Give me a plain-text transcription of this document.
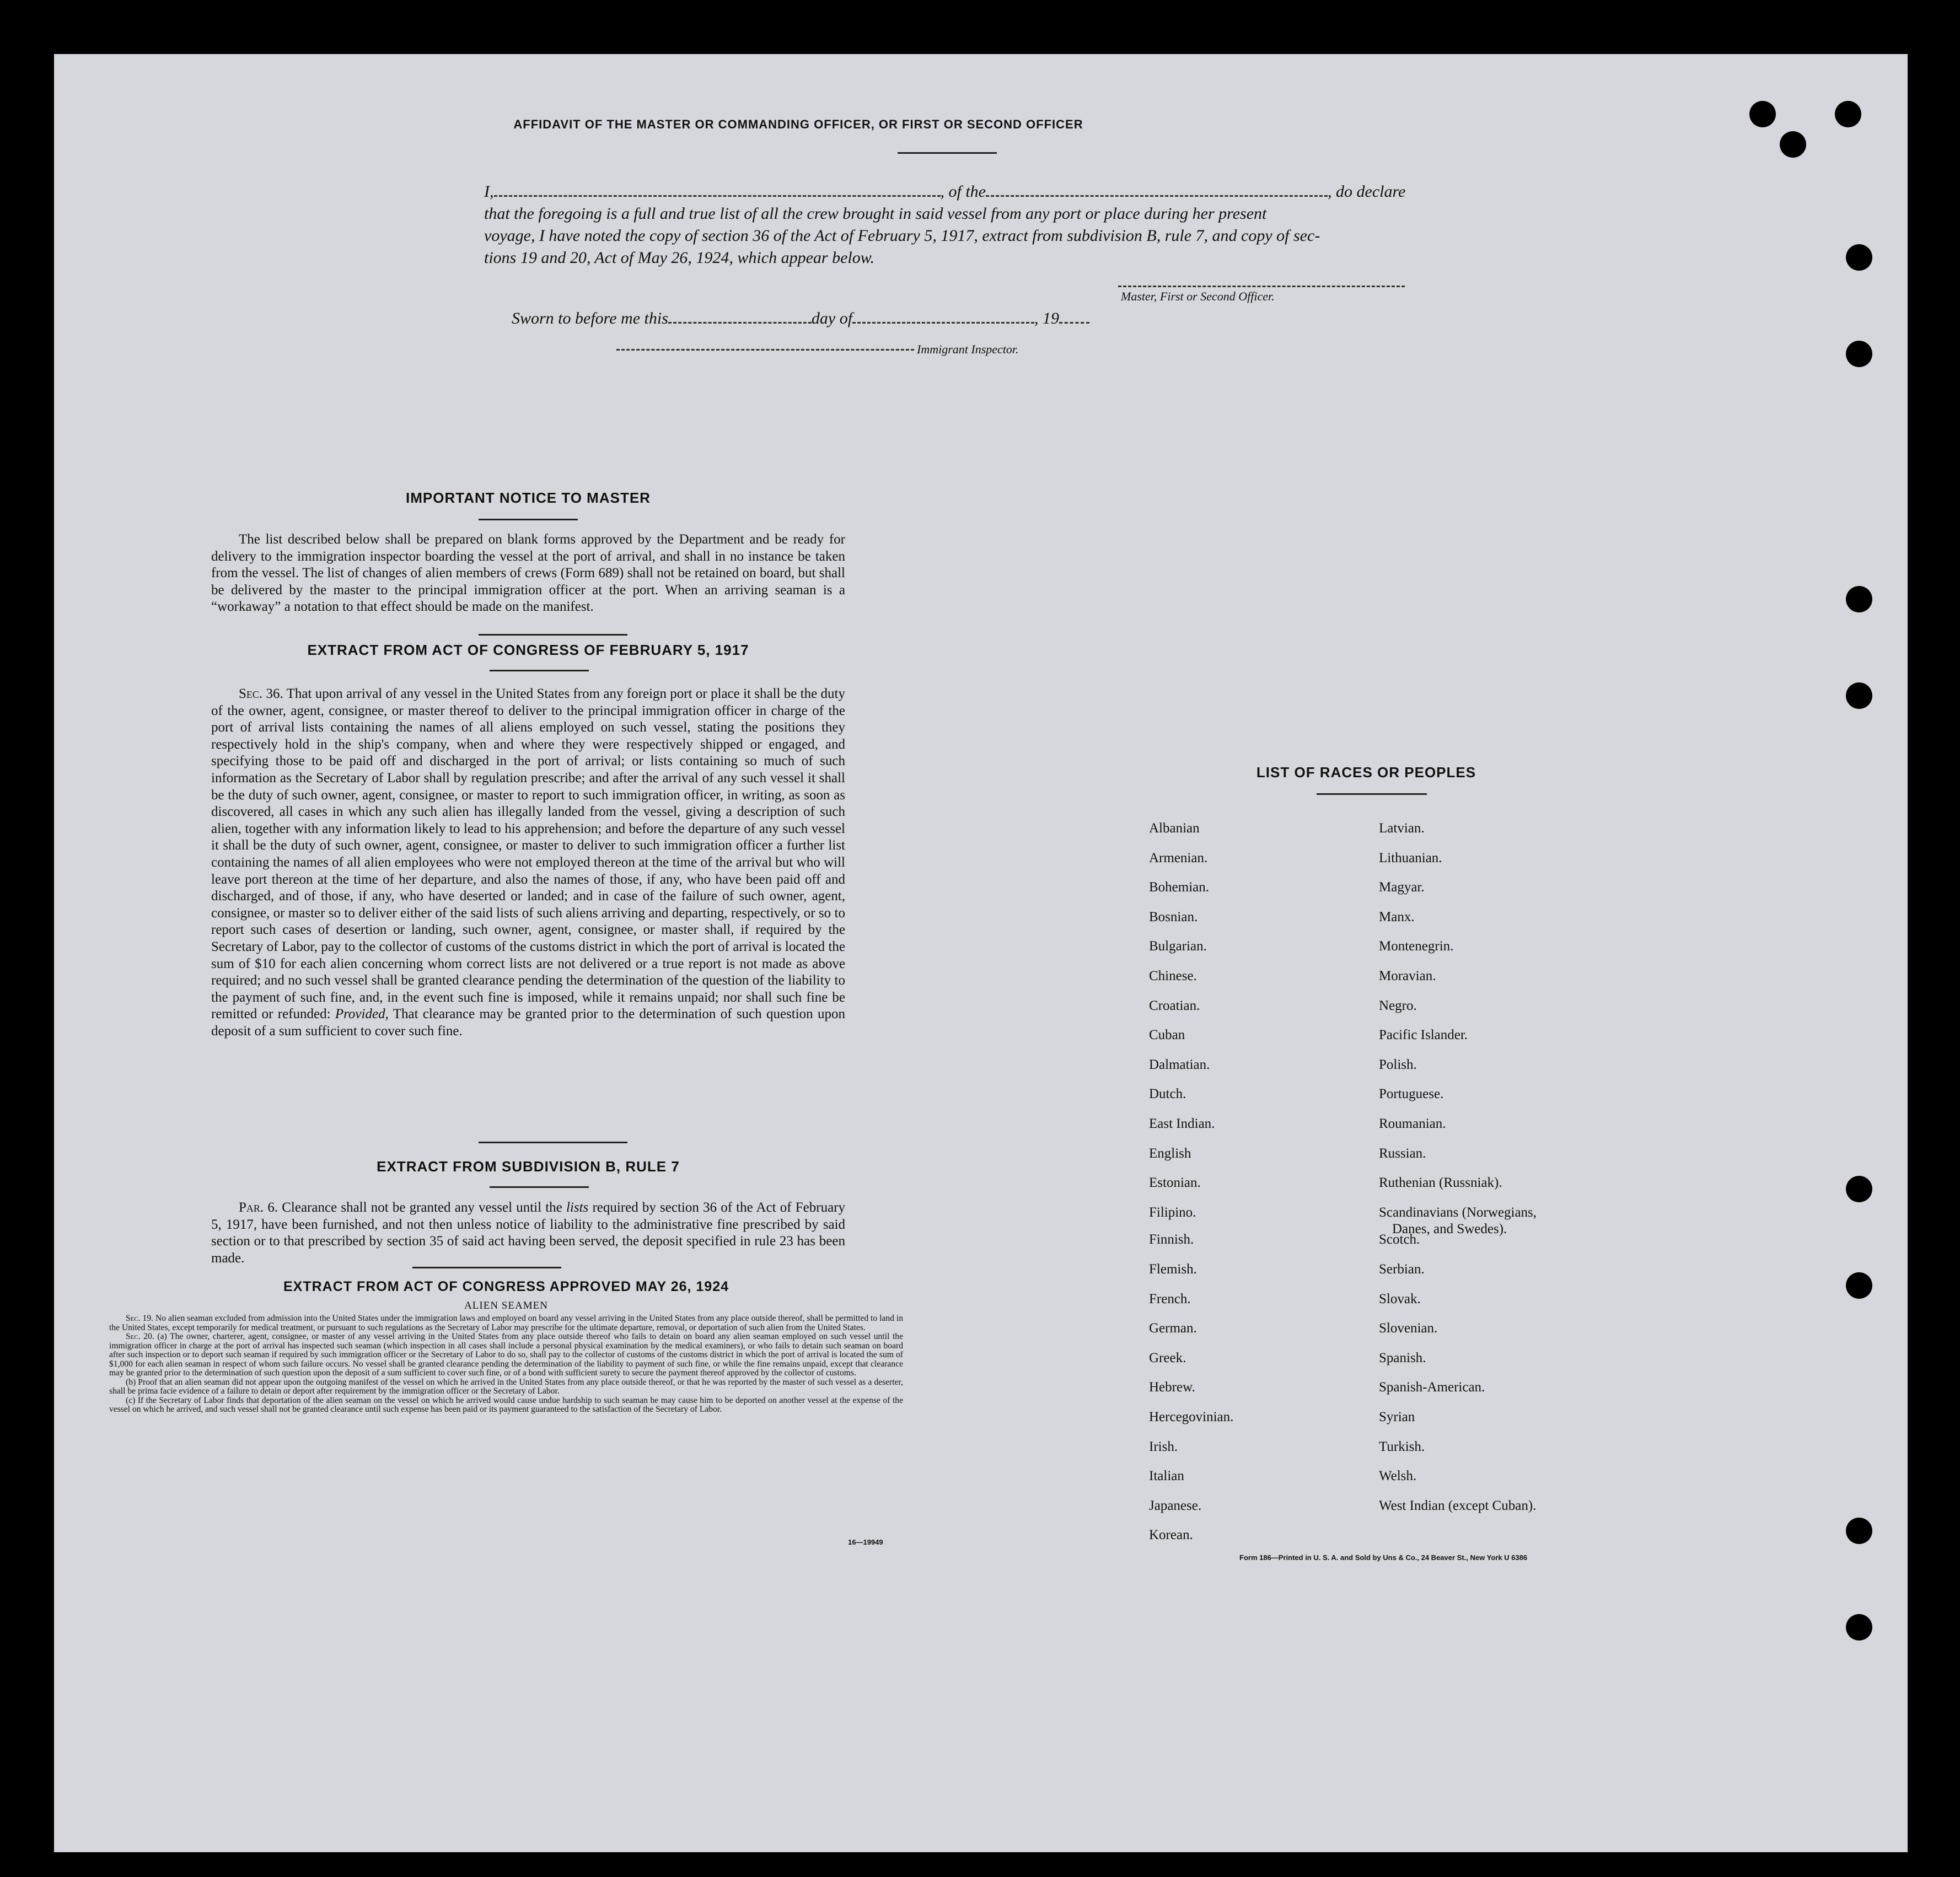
AFFIDAVIT OF THE MASTER OR COMMANDING OFFICER, OR FIRST OR SECOND OFFICER
I,	, of the	, do declare
that the foregoing is a full and true list of all the crew brought in said vessel from any port or place during her present
voyage, I have noted the copy of section 36 of the Act of February 5, 1917, extract from subdivision B, rule 7, and copy of sec-
tions 19 and 20, Act of May 26, 1924, which appear below.
Master, First or Second Officer.
Sworn to before me this	day of	, 19
Immigrant Inspector.
IMPORTANT NOTICE TO MASTER
The list described below shall be prepared on blank forms approved by the Department and be ready for delivery to the immigration inspector boarding the vessel at the port of arrival, and shall in no instance be taken from the vessel. The list of changes of alien members of crews (Form 689) shall not be retained on board, but shall be delivered by the master to the principal immigration officer at the port. When an arriving seaman is a “workaway” a notation to that effect should be made on the manifest.
EXTRACT FROM ACT OF CONGRESS OF FEBRUARY 5, 1917
Sec. 36. That upon arrival of any vessel in the United States from any foreign port or place it shall be the duty of the owner, agent, consignee, or master thereof to deliver to the principal immigration officer in charge of the port of arrival lists containing the names of all aliens employed on such vessel, stating the positions they respectively hold in the ship's company, when and where they were respectively shipped or engaged, and specifying those to be paid off and discharged in the port of arrival; or lists containing so much of such information as the Secretary of Labor shall by regulation prescribe; and after the arrival of any such vessel it shall be the duty of such owner, agent, consignee, or master to report to such immigration officer, in writing, as soon as discovered, all cases in which any such alien has illegally landed from the vessel, giving a description of such alien, together with any information likely to lead to his apprehension; and before the departure of any such vessel it shall be the duty of such owner, agent, consignee, or master to deliver to such immigration officer a further list containing the names of all alien employees who were not employed thereon at the time of the arrival but who will leave port thereon at the time of her departure, and also the names of those, if any, who have been paid off and discharged, and of those, if any, who have deserted or landed; and in case of the failure of such owner, agent, consignee, or master so to deliver either of the said lists of such aliens arriving and departing, respectively, or so to report such cases of desertion or landing, such owner, agent, consignee, or master shall, if required by the Secretary of Labor, pay to the collector of customs of the customs district in which the port of arrival is located the sum of $10 for each alien concerning whom correct lists are not delivered or a true report is not made as above required; and no such vessel shall be granted clearance pending the determination of the question of the liability to the payment of such fine, and, in the event such fine is imposed, while it remains unpaid; nor shall such fine be remitted or refunded: Provided, That clearance may be granted prior to the determination of such question upon deposit of a sum sufficient to cover such fine.
EXTRACT FROM SUBDIVISION B, RULE 7
Par. 6. Clearance shall not be granted any vessel until the lists required by section 36 of the Act of February 5, 1917, have been furnished, and not then unless notice of liability to the administrative fine prescribed by said section or to that prescribed by section 35 of said act having been served, the deposit specified in rule 23 has been made.
EXTRACT FROM ACT OF CONGRESS APPROVED MAY 26, 1924
ALIEN SEAMEN

Sec. 19. No alien seaman excluded from admission into the United States under the immigration laws and employed on board any vessel arriving in the United States from any place outside thereof, shall be permitted to land in the United States, except temporarily for medical treatment, or pursuant to such regulations as the Secretary of Labor may prescribe for the ultimate departure, removal, or deportation of such alien from the United States.

Sec. 20. (a) The owner, charterer, agent, consignee, or master of any vessel arriving in the United States from any place outside thereof who fails to detain on board any alien seaman employed on such vessel until the immigration officer in charge at the port of arrival has inspected such seaman (which inspection in all cases shall include a personal physical examination by the medical examiners), or who fails to detain such seaman on board after such inspection or to deport such seaman if required by such immigration officer or the Secretary of Labor to do so, shall pay to the collector of customs of the customs district in which the port of arrival is located the sum of $1,000 for each alien seaman in respect of whom such failure occurs. No vessel shall be granted clearance pending the determination of the liability to payment of such fine, or while the fine remains unpaid, except that clearance may be granted prior to the determination of such question upon the deposit of a sum sufficient to cover such fine, or of a bond with sufficient surety to secure the payment thereof approved by the collector of customs.

(b) Proof that an alien seaman did not appear upon the outgoing manifest of the vessel on which he arrived in the United States from any place outside thereof, or that he was reported by the master of such vessel as a deserter, shall be prima facie evidence of a failure to detain or deport after requirement by the immigration officer or the Secretary of Labor.

(c) If the Secretary of Labor finds that deportation of the alien seaman on the vessel on which he arrived would cause undue hardship to such seaman he may cause him to be deported on another vessel at the expense of the vessel on which he arrived, and such vessel shall not be granted clearance until such expense has been paid or its payment guaranteed to the satisfaction of the Secretary of Labor.

16—19949
LIST OF RACES OR PEOPLES
Form 186—Printed in U. S. A. and Sold by Uns & Co., 24 Beaver St., New York U 6386
Albanian
Armenian.
Bohemian.
Bosnian.
Bulgarian.
Chinese.
Croatian.
Cuban
Dalmatian.
Dutch.
East Indian.
English
Estonian.
Filipino.
Finnish.
Flemish.
French.
German.
Greek.
Hebrew.
Hercegovinian.
Irish.
Italian
Japanese.
Korean.
Latvian.
Lithuanian.
Magyar.
Manx.
Montenegrin.
Moravian.
Negro.
Pacific Islander.
Polish.
Portuguese.
Roumanian.
Russian.
Ruthenian (Russniak).
Scandinavians (Norwegians,
Danes, and Swedes).
Scotch.
Serbian.
Slovak.
Slovenian.
Spanish.
Spanish-American.
Syrian
Turkish.
Welsh.
West Indian (except Cuban).
